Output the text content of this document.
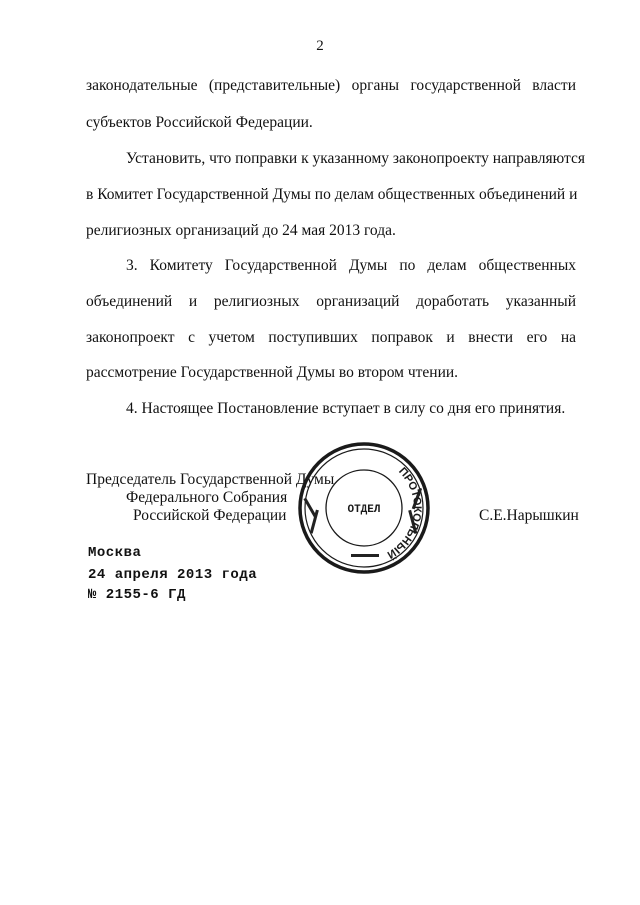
2
законодательные (представительные) органы государственной власти
субъектов Российской Федерации.
Установить, что поправки к указанному законопроекту направляются
в Комитет Государственной Думы по делам общественных объединений и
религиозных организаций до 24 мая 2013 года.
3. Комитету Государственной Думы по делам общественных
объединений и религиозных организаций доработать указанный
законопроект с учетом поступивших поправок и внести его на
рассмотрение Государственной Думы во втором чтении.
4. Настоящее Постановление вступает в силу со дня его принятия.
Председатель Государственной Думы
Федерального Собрания
Российской Федерации	С.Е.Нарышкин
ПРОТОКОЛЬНЫЙ
ОТДЕЛ
Москва
24 апреля 2013 года
№ 2155-6 ГД
